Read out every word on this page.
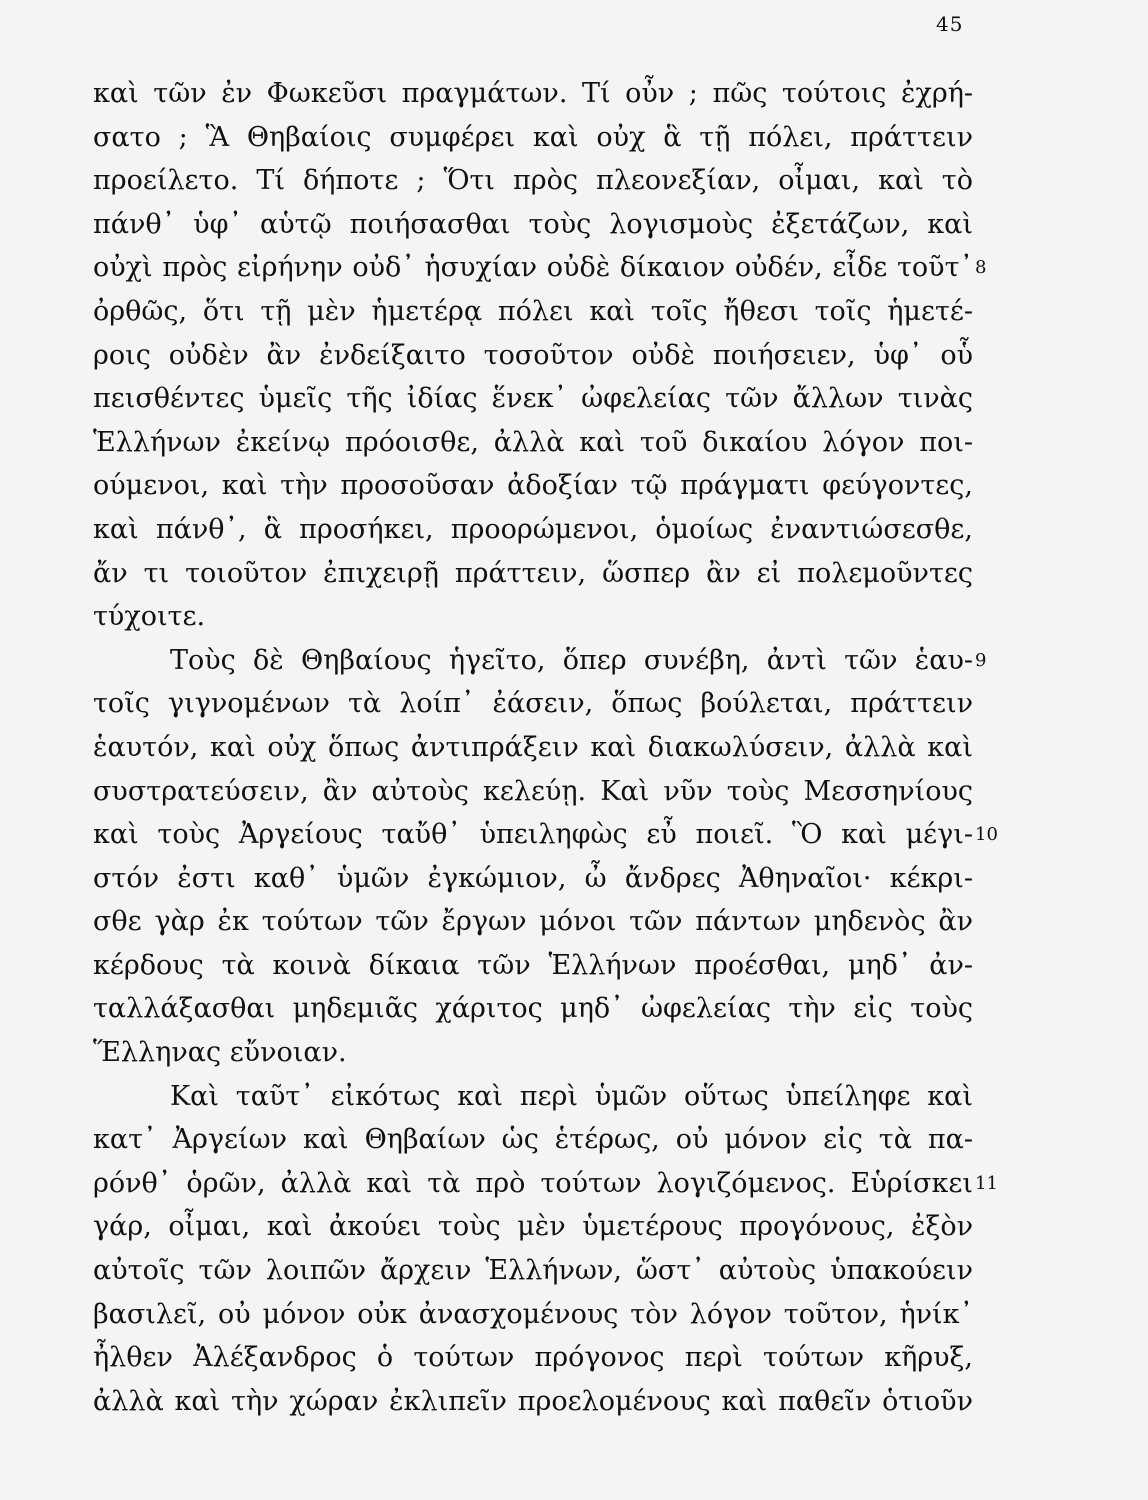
45
καὶ τῶν ἐν Φωκεῦσι πραγμάτων. Τί οὖν ; πῶς τούτοις ἐχρή-
σατο ; Ἃ Θηβαίοις συμφέρει καὶ οὐχ ἃ τῇ πόλει, πράττειν
προείλετο. Τί δήποτε ; Ὅτι πρὸς πλεονεξίαν, οἶμαι, καὶ τὸ
πάνθ᾽ ὑφ᾽ αὑτῷ ποιήσασθαι τοὺς λογισμοὺς ἐξετάζων, καὶ
οὐχὶ πρὸς εἰρήνην οὐδ᾽ ἡσυχίαν οὐδὲ δίκαιον οὐδέν, εἶδε τοῦτ᾽ 8
ὀρθῶς, ὅτι τῇ μὲν ἡμετέρᾳ πόλει καὶ τοῖς ἤθεσι τοῖς ἡμετέ-
ροις οὐδὲν ἂν ἐνδείξαιτο τοσοῦτον οὐδὲ ποιήσειεν, ὑφ᾽ οὗ
πεισθέντες ὑμεῖς τῆς ἰδίας ἕνεκ᾽ ὠφελείας τῶν ἄλλων τινὰς
Ἑλλήνων ἐκείνῳ πρόοισθε, ἀλλὰ καὶ τοῦ δικαίου λόγον ποι-
ούμενοι, καὶ τὴν προσοῦσαν ἀδοξίαν τῷ πράγματι φεύγοντες,
καὶ πάνθ᾽, ἃ προσήκει, προορώμενοι, ὁμοίως ἐναντιώσεσθε,
ἄν τι τοιοῦτον ἐπιχειρῇ πράττειν, ὥσπερ ἂν εἰ πολεμοῦντες
τύχοιτε.
Τοὺς δὲ Θηβαίους ἡγεῖτο, ὅπερ συνέβη, ἀντὶ τῶν ἑαυ- 9
τοῖς γιγνομένων τὰ λοίπ᾽ ἐάσειν, ὅπως βούλεται, πράττειν
ἑαυτόν, καὶ οὐχ ὅπως ἀντιπράξειν καὶ διακωλύσειν, ἀλλὰ καὶ
συστρατεύσειν, ἂν αὐτοὺς κελεύῃ. Καὶ νῦν τοὺς Μεσσηνίους
καὶ τοὺς Ἀργείους ταὔθ᾽ ὑπειληφὼς εὖ ποιεῖ. Ὃ καὶ μέγι- 10
στόν ἐστι καθ᾽ ὑμῶν ἐγκώμιον, ὦ ἄνδρες Ἀθηναῖοι· κέκρι-
σθε γὰρ ἐκ τούτων τῶν ἔργων μόνοι τῶν πάντων μηδενὸς ἂν
κέρδους τὰ κοινὰ δίκαια τῶν Ἑλλήνων προέσθαι, μηδ᾽ ἀν-
ταλλάξασθαι μηδεμιᾶς χάριτος μηδ᾽ ὠφελείας τὴν εἰς τοὺς
Ἕλληνας εὔνοιαν.
Καὶ ταῦτ᾽ εἰκότως καὶ περὶ ὑμῶν οὕτως ὑπείληφε καὶ
κατ᾽ Ἀργείων καὶ Θηβαίων ὡς ἑτέρως, οὐ μόνον εἰς τὰ πα-
ρόνθ᾽ ὁρῶν, ἀλλὰ καὶ τὰ πρὸ τούτων λογιζόμενος. Εὑρίσκει 11
γάρ, οἶμαι, καὶ ἀκούει τοὺς μὲν ὑμετέρους προγόνους, ἐξὸν
αὐτοῖς τῶν λοιπῶν ἄρχειν Ἑλλήνων, ὥστ᾽ αὐτοὺς ὑπακούειν
βασιλεῖ, οὐ μόνον οὐκ ἀνασχομένους τὸν λόγον τοῦτον, ἡνίκ᾽
ἦλθεν Ἀλέξανδρος ὁ τούτων πρόγονος περὶ τούτων κῆρυξ,
ἀλλὰ καὶ τὴν χώραν ἐκλιπεῖν προελομένους καὶ παθεῖν ὁτιοῦν
